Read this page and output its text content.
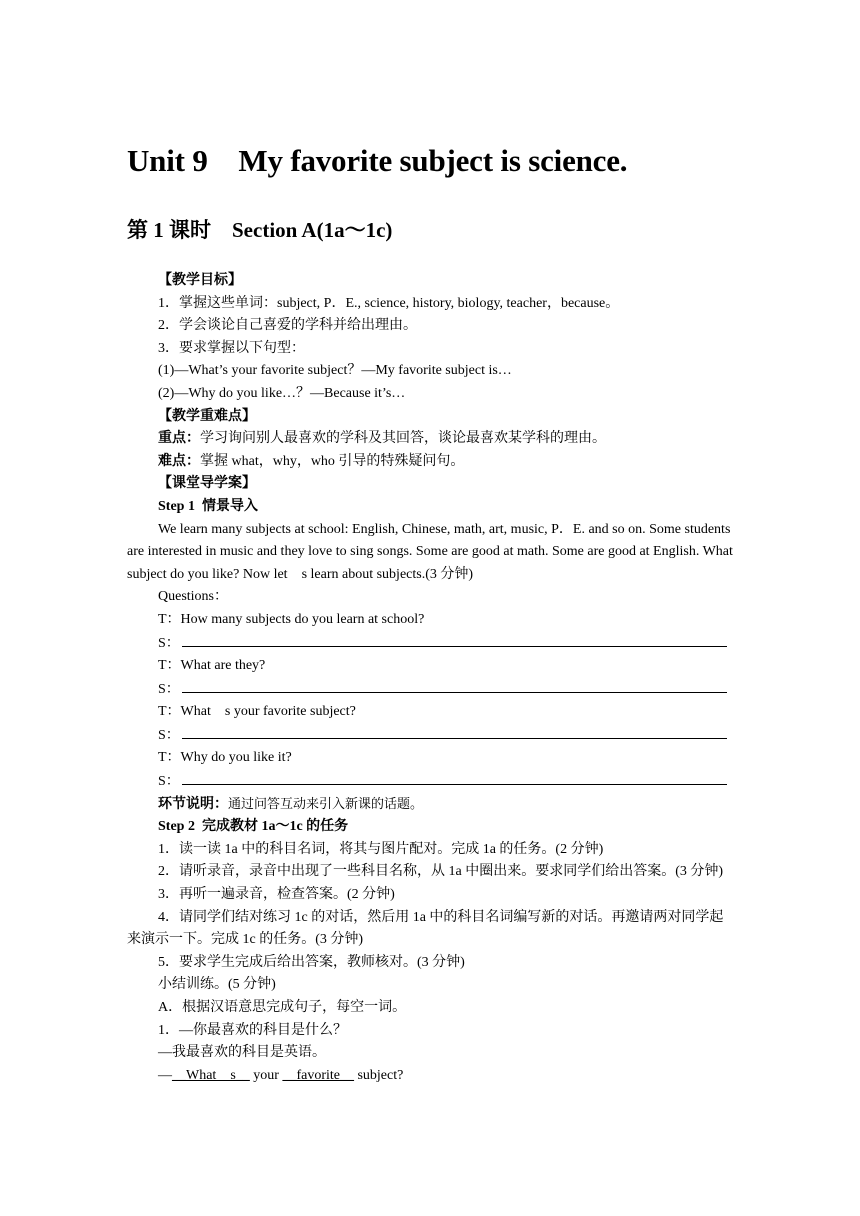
Unit 9　My favorite subject is science.
第 1 课时　Section A(1a～1c)

【教学目标】

1．掌握这些单词：subject, P．E., science, history, biology, teacher，because。

2．学会谈论自己喜爱的学科并给出理由。

3．要求掌握以下句型：

(1)—What’s your favorite subject？—My favorite subject is…

(2)—Why do you like…？—Because it’s…

【教学重难点】

重点：学习询问别人最喜欢的学科及其回答，谈论最喜欢某学科的理由。

难点：掌握 what，why，who 引导的特殊疑问句。

【课堂导学案】

Step 1  情景导入

We learn many subjects at school: English, Chinese, math, art, music, P．E. and so on. Some students are interested in music and they love to sing songs. Some are good at math. Some are good at English. What subject do you like? Now let　s learn about subjects.(3 分钟)

Questions：

T：How many subjects do you learn at school?

S：

T：What are they?

S：

T：What　s your favorite subject?

S：

T：Why do you like it?

S：

环节说明：通过问答互动来引入新课的话题。

Step 2  完成教材 1a～1c 的任务

1．读一读 1a 中的科目名词，将其与图片配对。完成 1a 的任务。(2 分钟)

2．请听录音，录音中出现了一些科目名称，从 1a 中圈出来。要求同学们给出答案。(3 分钟)

3．再听一遍录音，检查答案。(2 分钟)

4．请同学们结对练习 1c 的对话，然后用 1a 中的科目名词编写新的对话。再邀请两对同学起来演示一下。完成 1c 的任务。(3 分钟)

5．要求学生完成后给出答案，教师核对。(3 分钟)

小结训练。(5 分钟)

A．根据汉语意思完成句子，每空一词。

1．—你最喜欢的科目是什么？

—我最喜欢的科目是英语。

—__What　s__ your __favorite__ subject?
